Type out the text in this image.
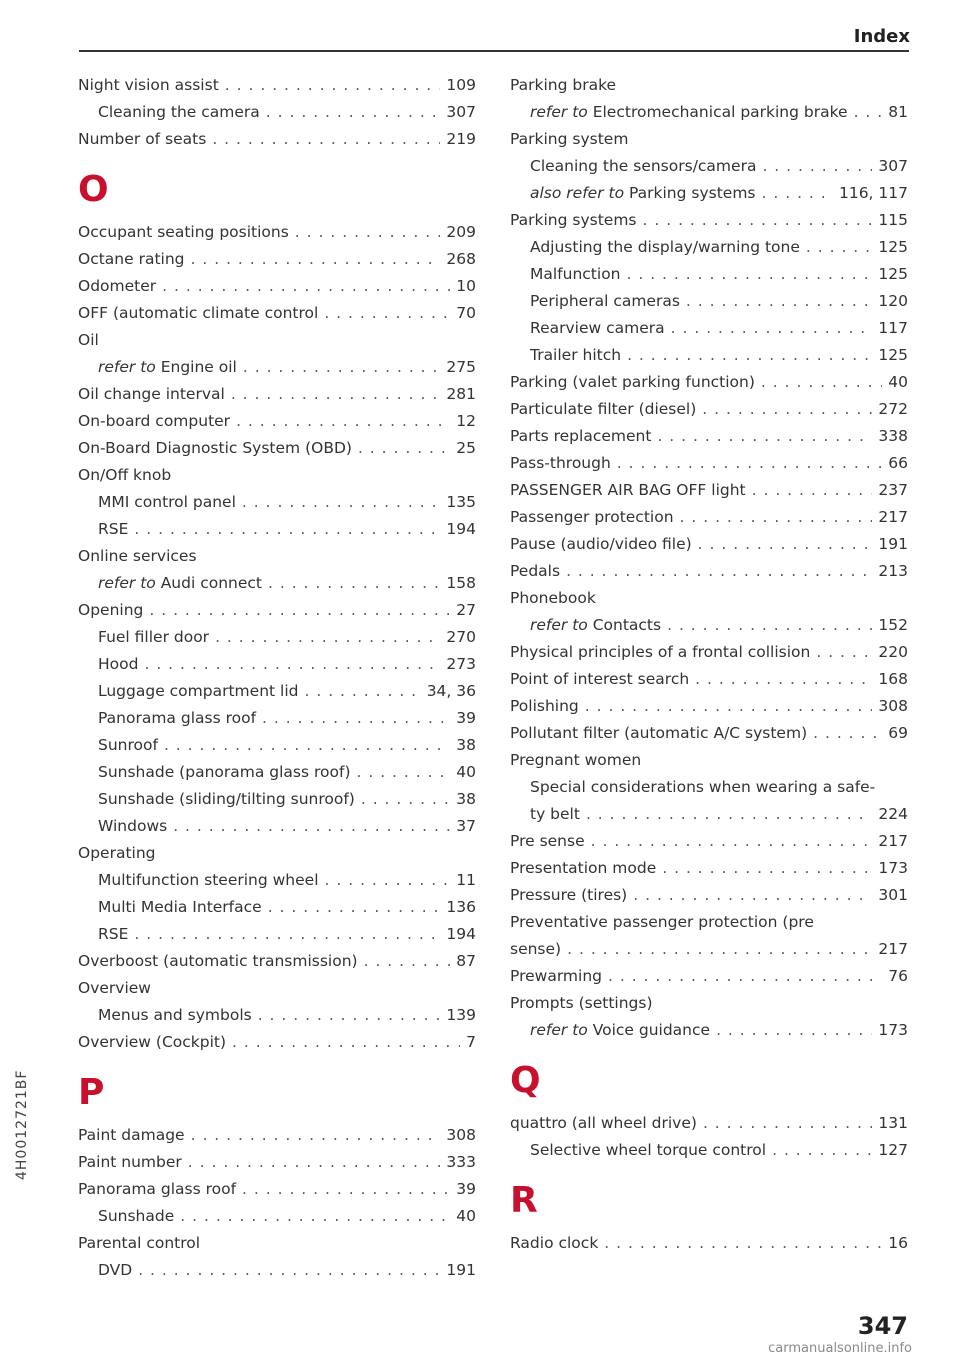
Index
Night vision assist . . .	109
Cleaning the camera . . .	307
Number of seats . . .	219
O
Occupant seating positions . . .	209
Octane rating . . .	268
Odometer . . .	10
OFF (automatic climate control . . .	70
Oil
refer to Engine oil . . .	275
Oil change interval . . .	281
On-board computer . . .	12
On-Board Diagnostic System (OBD) . . .	25
On/Off knob
MMI control panel . . .	135
RSE . . .	194
Online services
refer to Audi connect . . .	158
Opening . . .	27
Fuel filler door . . .	270
Hood . . .	273
Luggage compartment lid . . .	34, 36
Panorama glass roof . . .	39
Sunroof . . .	38
Sunshade (panorama glass roof) . . .	40
Sunshade (sliding/tilting sunroof) . . .	38
Windows . . .	37
Operating
Multifunction steering wheel . . .	11
Multi Media Interface . . .	136
RSE . . .	194
Overboost (automatic transmission) . . .	87
Overview
Menus and symbols . . .	139
Overview (Cockpit) . . .	7
P
Paint damage . . .	308
Paint number . . .	333
Panorama glass roof . . .	39
Sunshade . . .	40
Parental control
DVD . . .	191
Parking brake
refer to Electromechanical parking brake . . .	81
Parking system
Cleaning the sensors/camera . . .	307
also refer to Parking systems . . .	116, 117
Parking systems . . .	115
Adjusting the display/warning tone . . .	125
Malfunction . . .	125
Peripheral cameras . . .	120
Rearview camera . . .	117
Trailer hitch . . .	125
Parking (valet parking function) . . .	40
Particulate filter (diesel) . . .	272
Parts replacement . . .	338
Pass-through . . .	66
PASSENGER AIR BAG OFF light . . .	237
Passenger protection . . .	217
Pause (audio/video file) . . .	191
Pedals . . .	213
Phonebook
refer to Contacts . . .	152
Physical principles of a frontal collision . . .	220
Point of interest search . . .	168
Polishing . . .	308
Pollutant filter (automatic A/C system) . . .	69
Pregnant women
Special considerations when wearing a safe-
ty belt . . .	224
Pre sense . . .	217
Presentation mode . . .	173
Pressure (tires) . . .	301
Preventative passenger protection (pre
sense) . . .	217
Prewarming . . .	76
Prompts (settings)
refer to Voice guidance . . .	173
Q
quattro (all wheel drive) . . .	131
Selective wheel torque control . . .	127
R
Radio clock . . .	16
4H0012721BF
347
carmanualsonline.info
